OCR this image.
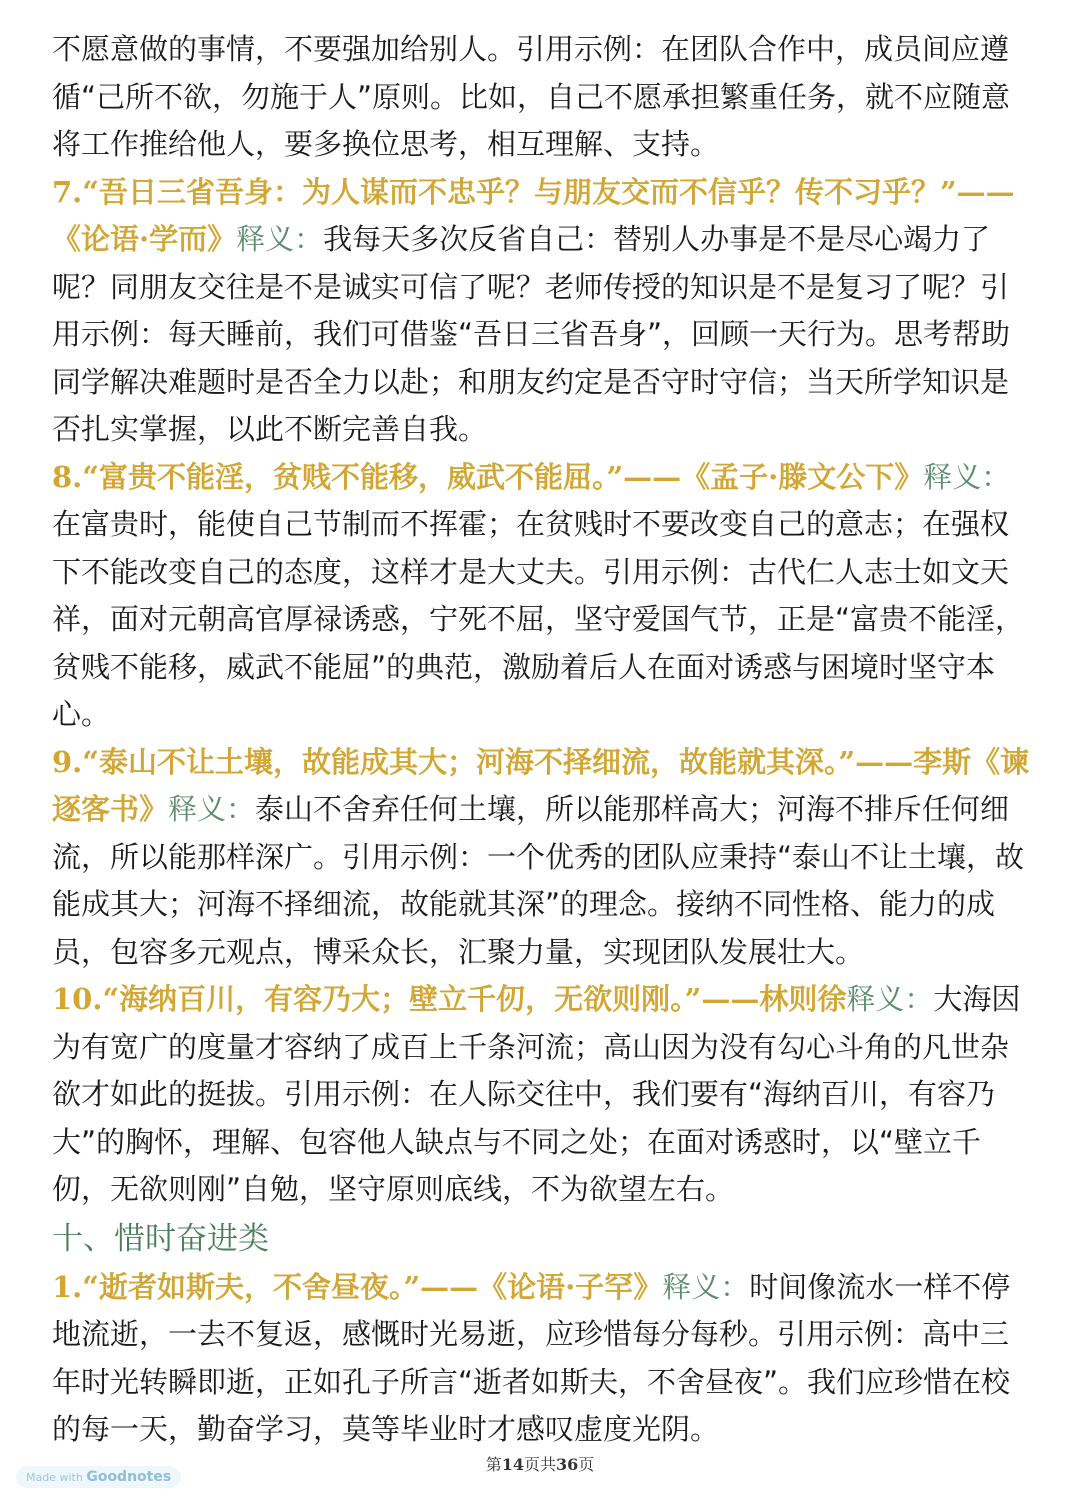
不愿意做的事情，不要强加给别人。引用示例：在团队合作中，成员间应遵循“己所不欲，勿施于人”原则。比如，自己不愿承担繁重任务，就不应随意将工作推给他人，要多换位思考，相互理解、支持。

7.“吾日三省吾身：为人谋而不忠乎？与朋友交而不信乎？传不习乎？”——《论语·学而》释义：我每天多次反省自己：替别人办事是不是尽心竭力了呢？同朋友交往是不是诚实可信了呢？老师传授的知识是不是复习了呢？引用示例：每天睡前，我们可借鉴“吾日三省吾身”，回顾一天行为。思考帮助同学解决难题时是否全力以赴；和朋友约定是否守时守信；当天所学知识是否扎实掌握，以此不断完善自我。

8.“富贵不能淫，贫贱不能移，威武不能屈。”——《孟子·滕文公下》释义：在富贵时，能使自己节制而不挥霍；在贫贱时不要改变自己的意志；在强权下不能改变自己的态度，这样才是大丈夫。引用示例：古代仁人志士如文天祥，面对元朝高官厚禄诱惑，宁死不屈，坚守爱国气节，正是“富贵不能淫，贫贱不能移，威武不能屈”的典范，激励着后人在面对诱惑与困境时坚守本心。

9.“泰山不让土壤，故能成其大；河海不择细流，故能就其深。”——李斯《谏逐客书》释义：泰山不舍弃任何土壤，所以能那样高大；河海不排斥任何细流，所以能那样深广。引用示例：一个优秀的团队应秉持“泰山不让土壤，故能成其大；河海不择细流，故能就其深”的理念。接纳不同性格、能力的成员，包容多元观点，博采众长，汇聚力量，实现团队发展壮大。

10.“海纳百川，有容乃大；壁立千仞，无欲则刚。”——林则徐释义：大海因为有宽广的度量才容纳了成百上千条河流；高山因为没有勾心斗角的凡世杂欲才如此的挺拔。引用示例：在人际交往中，我们要有“海纳百川，有容乃大”的胸怀，理解、包容他人缺点与不同之处；在面对诱惑时，以“壁立千仞，无欲则刚”自勉，坚守原则底线，不为欲望左右。

十、惜时奋进类

1.“逝者如斯夫，不舍昼夜。”——《论语·子罕》释义：时间像流水一样不停地流逝，一去不复返，感慨时光易逝，应珍惜每分每秒。引用示例：高中三年时光转瞬即逝，正如孔子所言“逝者如斯夫，不舍昼夜”。我们应珍惜在校的每一天，勤奋学习，莫等毕业时才感叹虚度光阴。

第14页共36页
Made with Goodnotes
